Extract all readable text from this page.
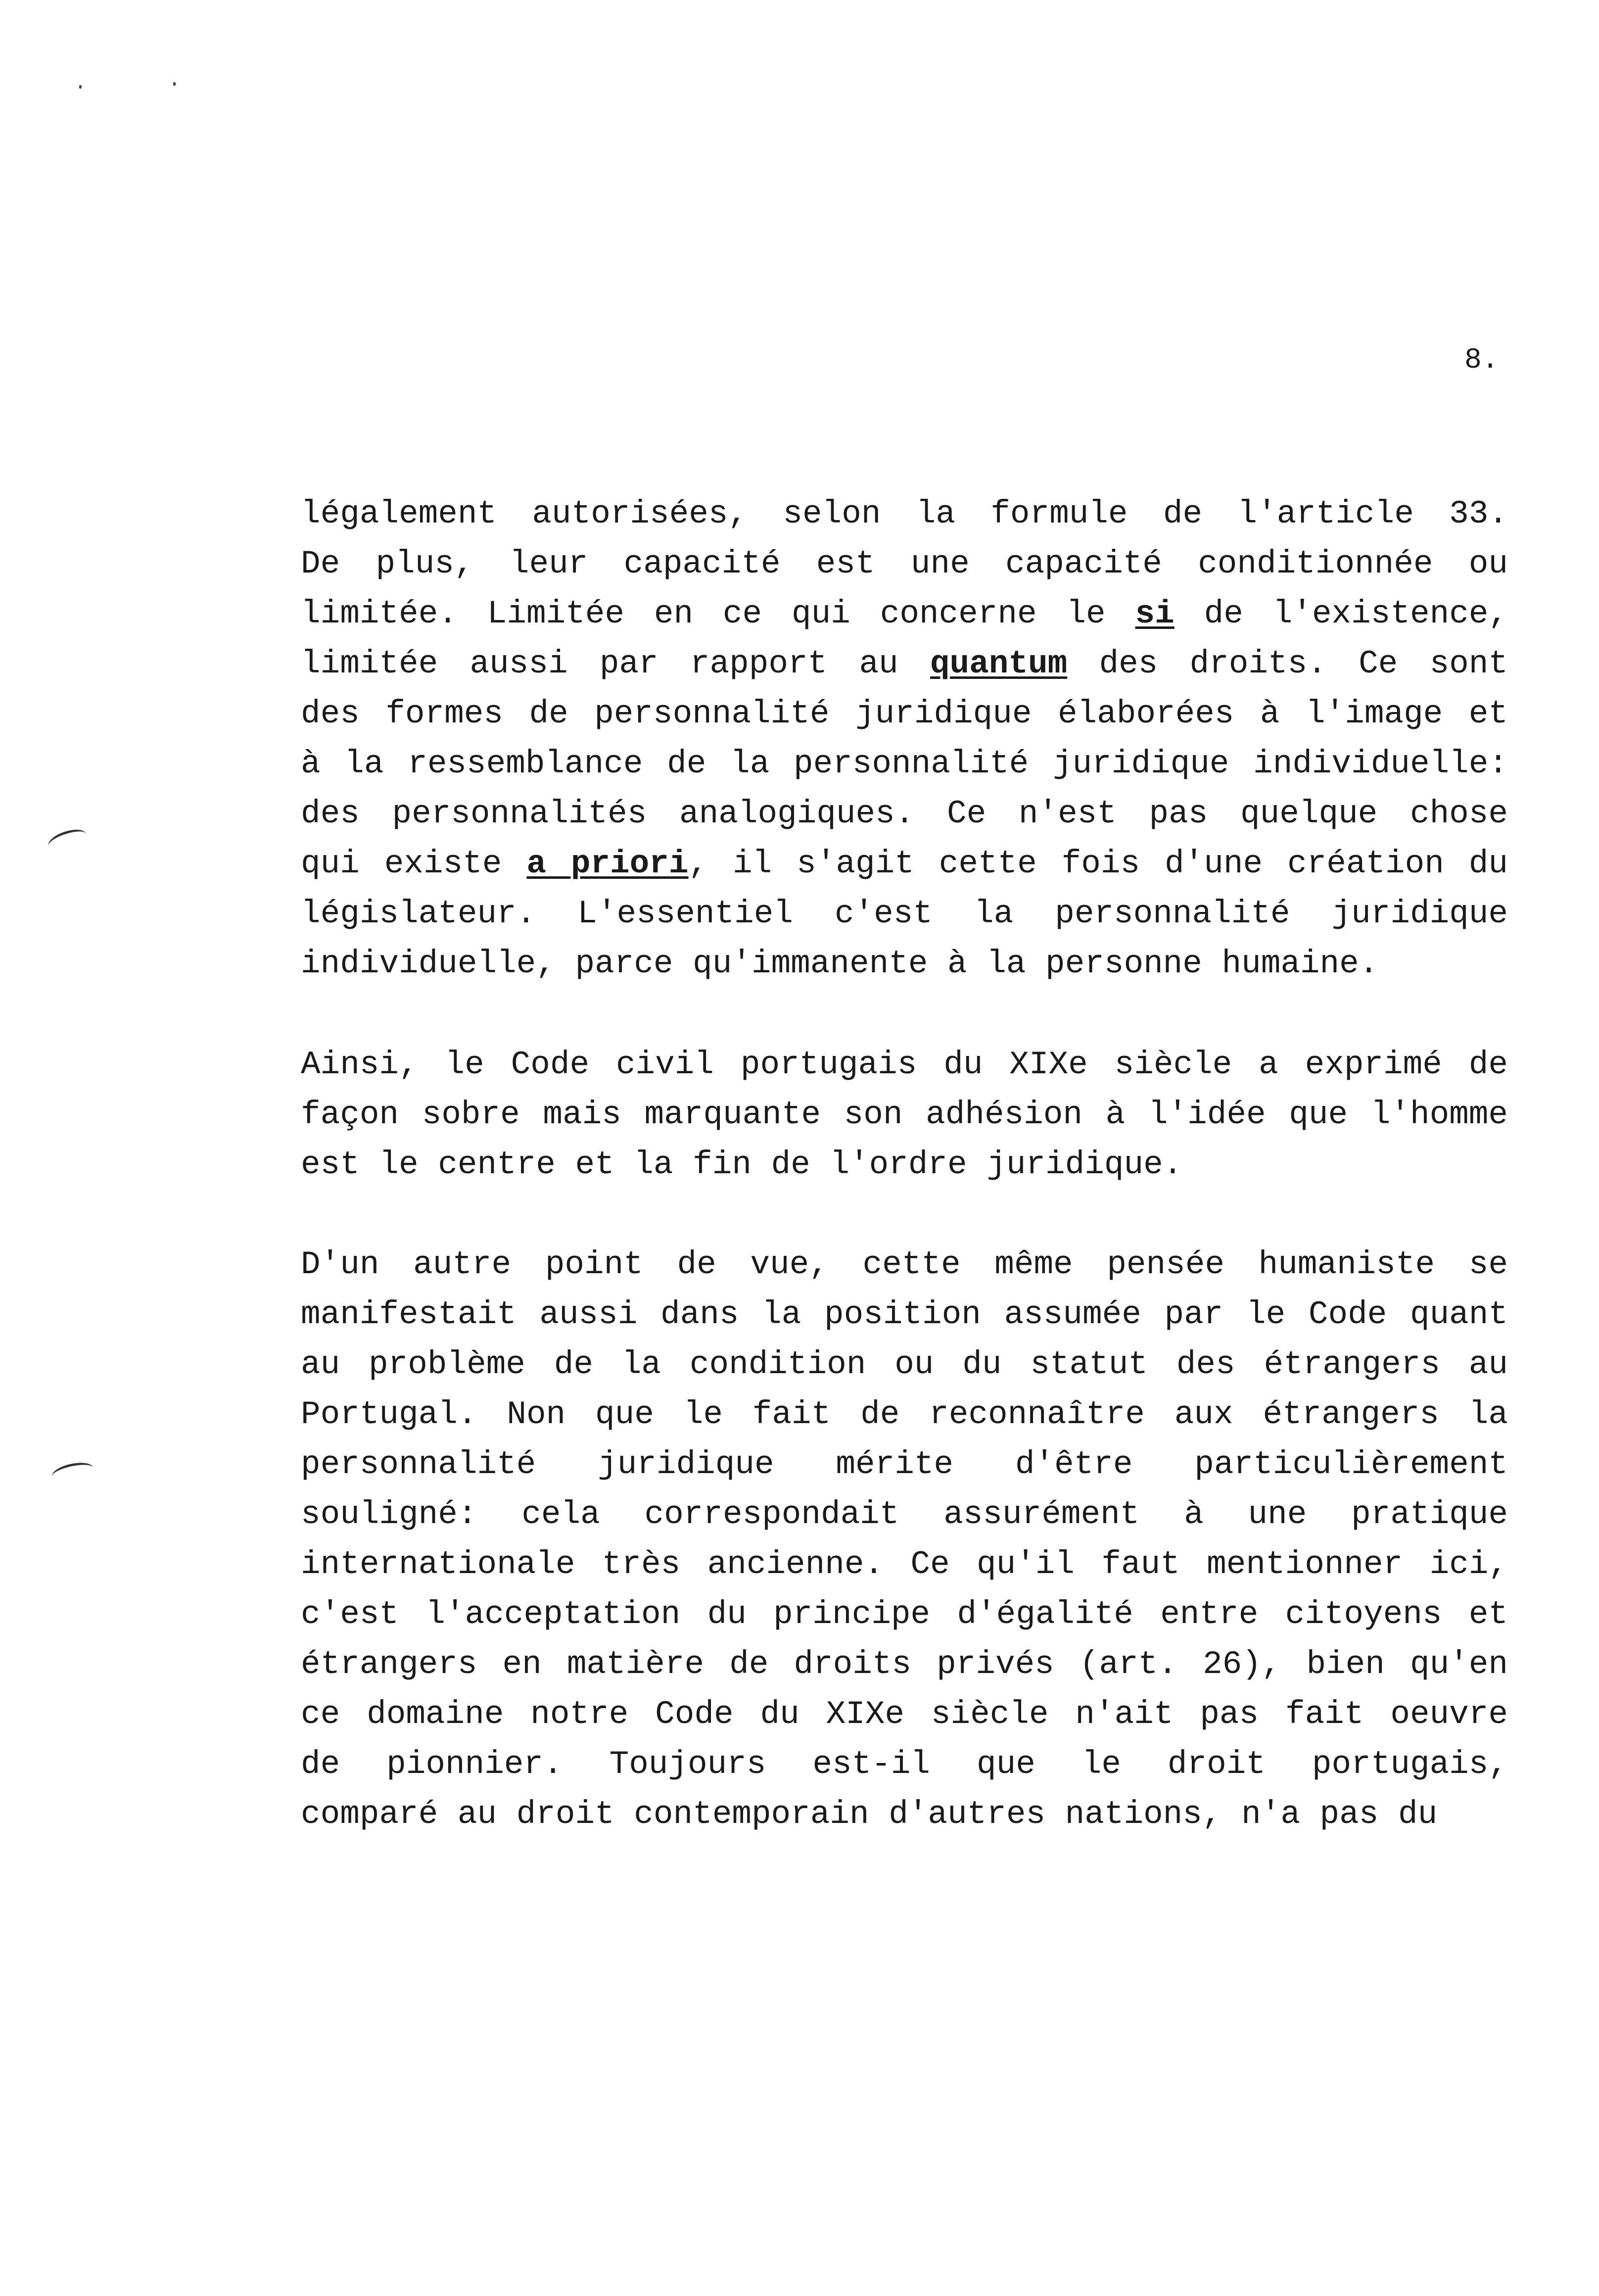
8.
légalement autorisées, selon la formule de l'article 33.
De plus, leur capacité est une capacité conditionnée ou
limitée. Limitée en ce qui concerne le si de l'existence,
limitée aussi par rapport au quantum des droits. Ce sont
des formes de personnalité juridique élaborées à l'image et
à la ressemblance de la personnalité juridique individuelle:
des personnalités analogiques. Ce n'est pas quelque chose
qui existe a priori, il s'agit cette fois d'une création du
législateur. L'essentiel c'est la personnalité juridique
individuelle, parce qu'immanente à la personne humaine.
Ainsi, le Code civil portugais du XIXe siècle a exprimé de
façon sobre mais marquante son adhésion à l'idée que l'homme
est le centre et la fin de l'ordre juridique.
D'un autre point de vue, cette même pensée humaniste se
manifestait aussi dans la position assumée par le Code quant
au problème de la condition ou du statut des étrangers au
Portugal. Non que le fait de reconnaître aux étrangers la
personnalité juridique mérite d'être particulièrement
souligné: cela correspondait assurément à une pratique
internationale très ancienne. Ce qu'il faut mentionner ici,
c'est l'acceptation du principe d'égalité entre citoyens et
étrangers en matière de droits privés (art. 26), bien qu'en
ce domaine notre Code du XIXe siècle n'ait pas fait oeuvre
de pionnier. Toujours est-il que le droit portugais,
comparé au droit contemporain d'autres nations, n'a pas du
